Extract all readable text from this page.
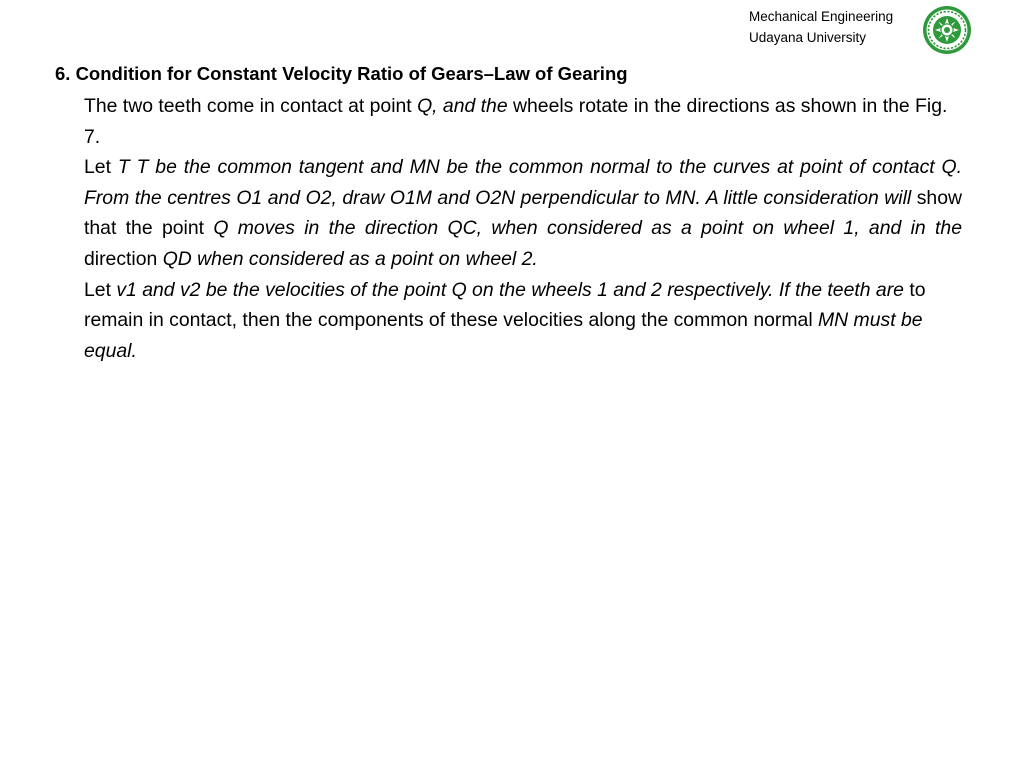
Mechanical Engineering
Udayana University
6. Condition for Constant Velocity Ratio of Gears–Law of Gearing

The two teeth come in contact at point Q, and the wheels rotate in the directions as shown in the Fig. 7.

Let T T be the common tangent and MN be the common normal to the curves at point of contact Q. From the centres O1 and O2, draw O1M and O2N perpendicular to MN. A little consideration will show that the point Q moves in the direction QC, when considered as a point on wheel 1, and in the direction QD when considered as a point on wheel 2.

Let v1 and v2 be the velocities of the point Q on the wheels 1 and 2 respectively. If the teeth are to remain in contact, then the components of these velocities along the common normal MN must be equal.
